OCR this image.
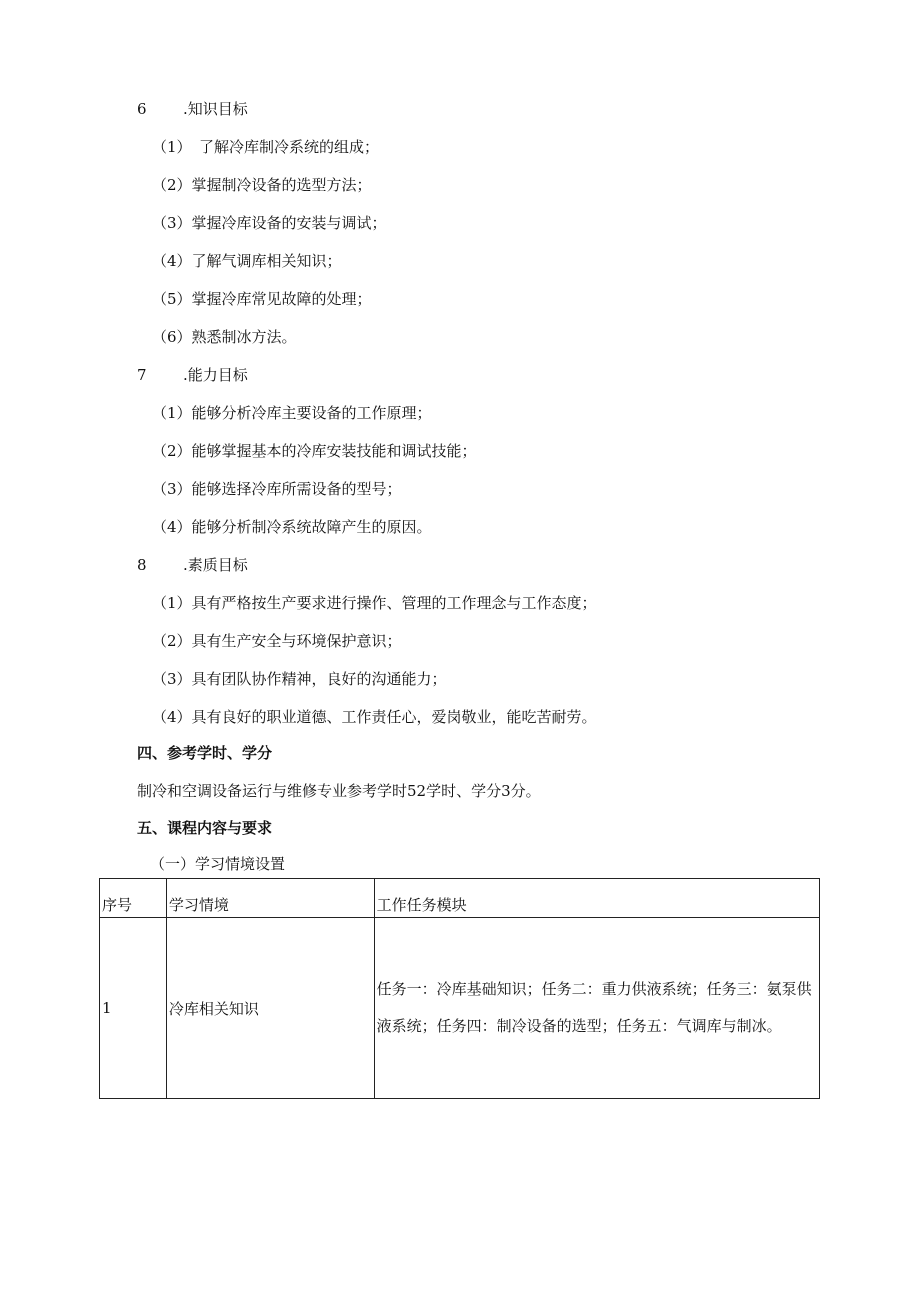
6 .知识目标
（1）　了解冷库制冷系统的组成；
（2）掌握制冷设备的选型方法；
（3）掌握冷库设备的安装与调试；
（4）了解气调库相关知识；
（5）掌握冷库常见故障的处理；
（6）熟悉制冰方法。
7 .能力目标
（1）能够分析冷库主要设备的工作原理；
（2）能够掌握基本的冷库安装技能和调试技能；
（3）能够选择冷库所需设备的型号；
（4）能够分析制冷系统故障产生的原因。
8 .素质目标
（1）具有严格按生产要求进行操作、管理的工作理念与工作态度；
（2）具有生产安全与环境保护意识；
（3）具有团队协作精神，良好的沟通能力；
（4）具有良好的职业道德、工作责任心，爱岗敬业，能吃苦耐劳。
四、参考学时、学分
制冷和空调设备运行与维修专业参考学时52学时、学分3分。
五、课程内容与要求
（一）学习情境设置
序号	学习情境	工作任务模块
1	冷库相关知识	任务一：冷库基础知识；任务二：重力供液系统；任务三：氨泵供液系统；任务四：制冷设备的选型；任务五：气调库与制冰。
